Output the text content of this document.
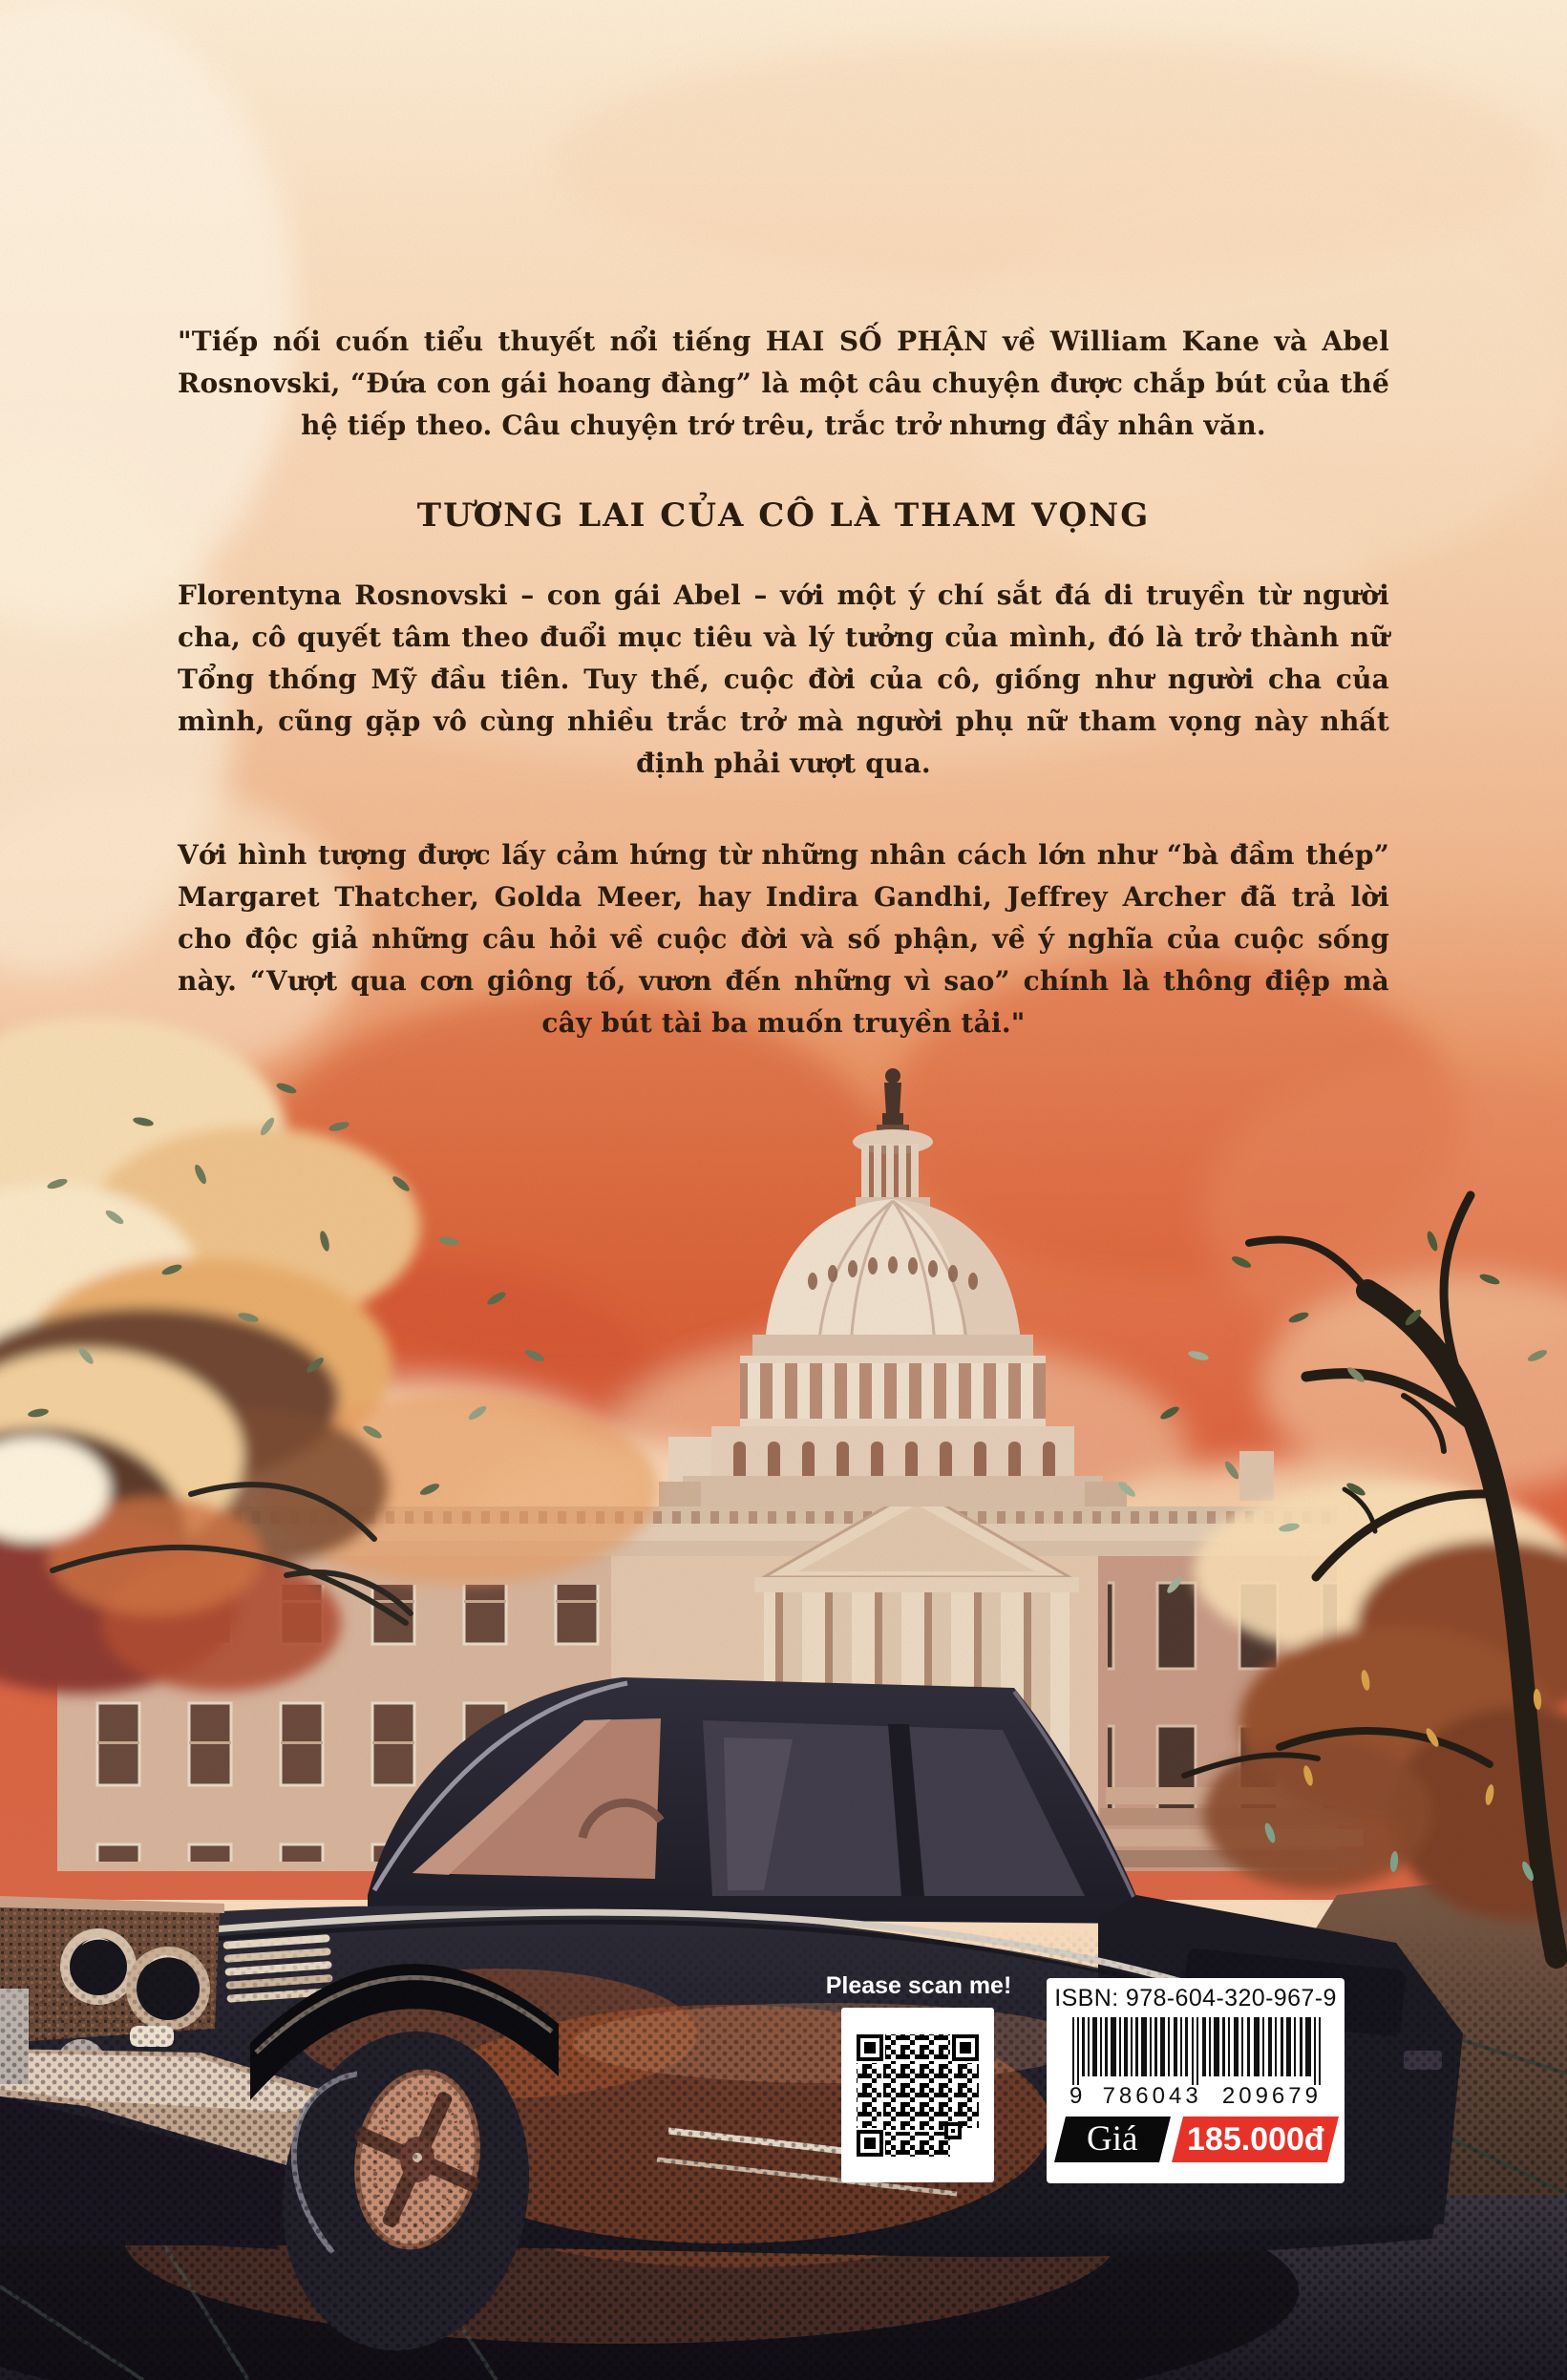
"Tiếp nối cuốn tiểu thuyết nổi tiếng HAI SỐ PHẬN về William Kane và Abel Rosnovski, “Đứa con gái hoang đàng” là một câu chuyện được chắp bút của thế hệ tiếp theo. Câu chuyện trớ trêu, trắc trở nhưng đầy nhân văn.
TƯƠNG LAI CỦA CÔ LÀ THAM VỌNG
Florentyna Rosnovski – con gái Abel – với một ý chí sắt đá di truyền từ người cha, cô quyết tâm theo đuổi mục tiêu và lý tưởng của mình, đó là trở thành nữ Tổng thống Mỹ đầu tiên. Tuy thế, cuộc đời của cô, giống như người cha của mình, cũng gặp vô cùng nhiều trắc trở mà người phụ nữ tham vọng này nhất định phải vượt qua.
Với hình tượng được lấy cảm hứng từ những nhân cách lớn như “bà đầm thép” Margaret Thatcher, Golda Meer, hay Indira Gandhi, Jeffrey Archer đã trả lời cho độc giả những câu hỏi về cuộc đời và số phận, về ý nghĩa của cuộc sống này. “Vượt qua cơn giông tố, vươn đến những vì sao” chính là thông điệp mà cây bút tài ba muốn truyền tải."
Please scan me!	ISBN: 978-604-320-967-9
9 786043 209679
Giá 185.000đ
